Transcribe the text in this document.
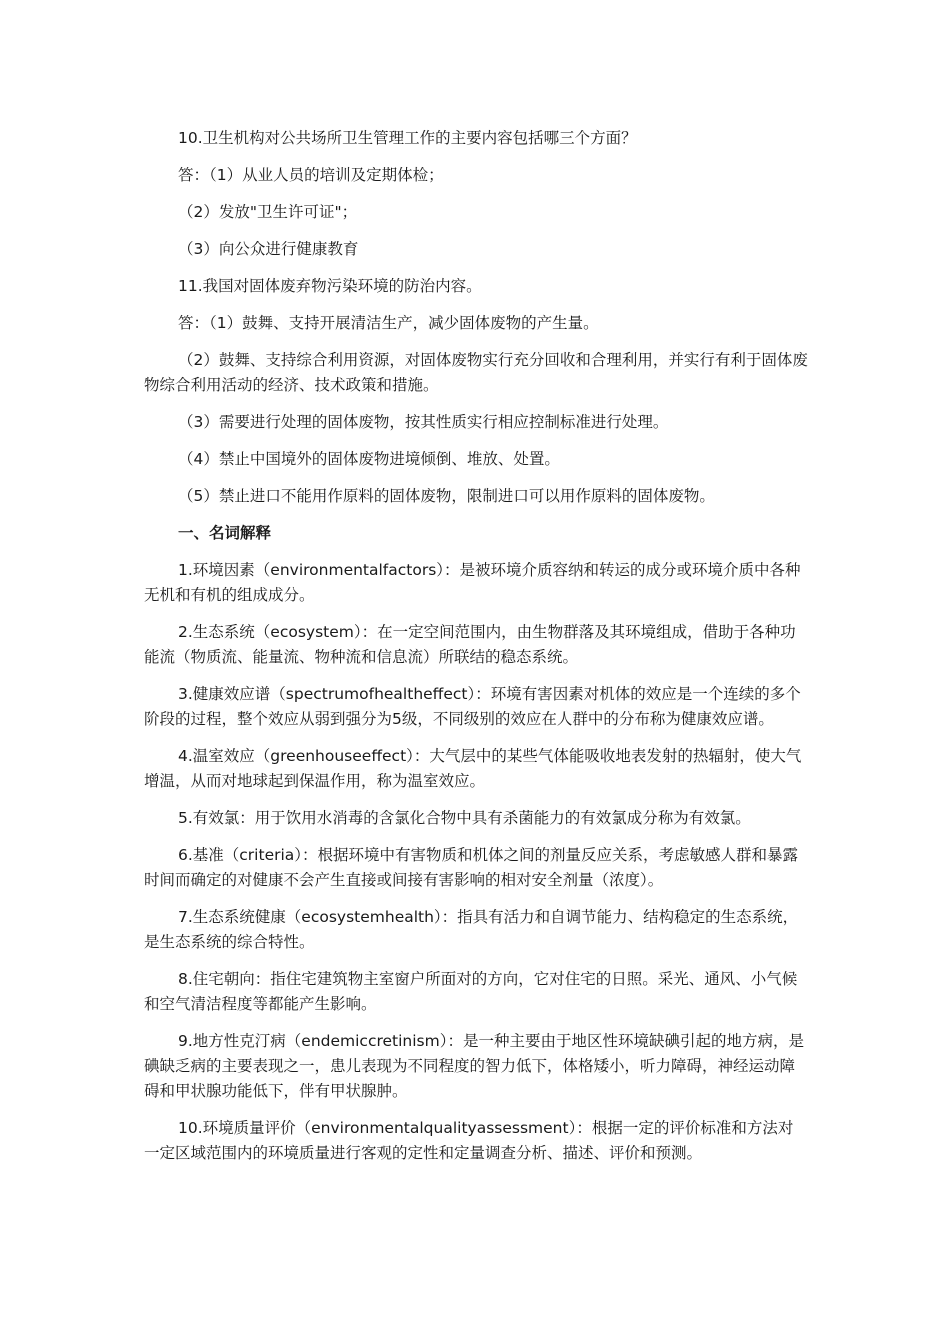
10.卫生机构对公共场所卫生管理工作的主要内容包括哪三个方面？

答：（1）从业人员的培训及定期体检；

（2）发放"卫生许可证"；

（3）向公众进行健康教育

11.我国对固体废弃物污染环境的防治内容。

答：（1）鼓舞、支持开展清洁生产，减少固体废物的产生量。

（2）鼓舞、支持综合利用资源，对固体废物实行充分回收和合理利用，并实行有利于固体废物综合利用活动的经济、技术政策和措施。

（3）需要进行处理的固体废物，按其性质实行相应控制标准进行处理。

（4）禁止中国境外的固体废物进境倾倒、堆放、处置。

（5）禁止进口不能用作原料的固体废物，限制进口可以用作原料的固体废物。

一、名词解释

1.环境因素（environmentalfactors）：是被环境介质容纳和转运的成分或环境介质中各种无机和有机的组成成分。

2.生态系统（ecosystem）：在一定空间范围内，由生物群落及其环境组成，借助于各种功能流（物质流、能量流、物种流和信息流）所联结的稳态系统。

3.健康效应谱（spectrumofhealtheffect）：环境有害因素对机体的效应是一个连续的多个阶段的过程，整个效应从弱到强分为5级，不同级别的效应在人群中的分布称为健康效应谱。

4.温室效应（greenhouseeffect）：大气层中的某些气体能吸收地表发射的热辐射，使大气增温，从而对地球起到保温作用，称为温室效应。

5.有效氯：用于饮用水消毒的含氯化合物中具有杀菌能力的有效氯成分称为有效氯。

6.基准（criteria）：根据环境中有害物质和机体之间的剂量反应关系，考虑敏感人群和暴露时间而确定的对健康不会产生直接或间接有害影响的相对安全剂量（浓度）。

7.生态系统健康（ecosystemhealth）：指具有活力和自调节能力、结构稳定的生态系统，是生态系统的综合特性。

8.住宅朝向：指住宅建筑物主室窗户所面对的方向，它对住宅的日照。采光、通风、小气候和空气清洁程度等都能产生影响。

9.地方性克汀病（endemiccretinism）：是一种主要由于地区性环境缺碘引起的地方病，是碘缺乏病的主要表现之一，患儿表现为不同程度的智力低下，体格矮小，听力障碍，神经运动障碍和甲状腺功能低下，伴有甲状腺肿。

10.环境质量评价（environmentalqualityassessment）：根据一定的评价标准和方法对一定区域范围内的环境质量进行客观的定性和定量调查分析、描述、评价和预测。
